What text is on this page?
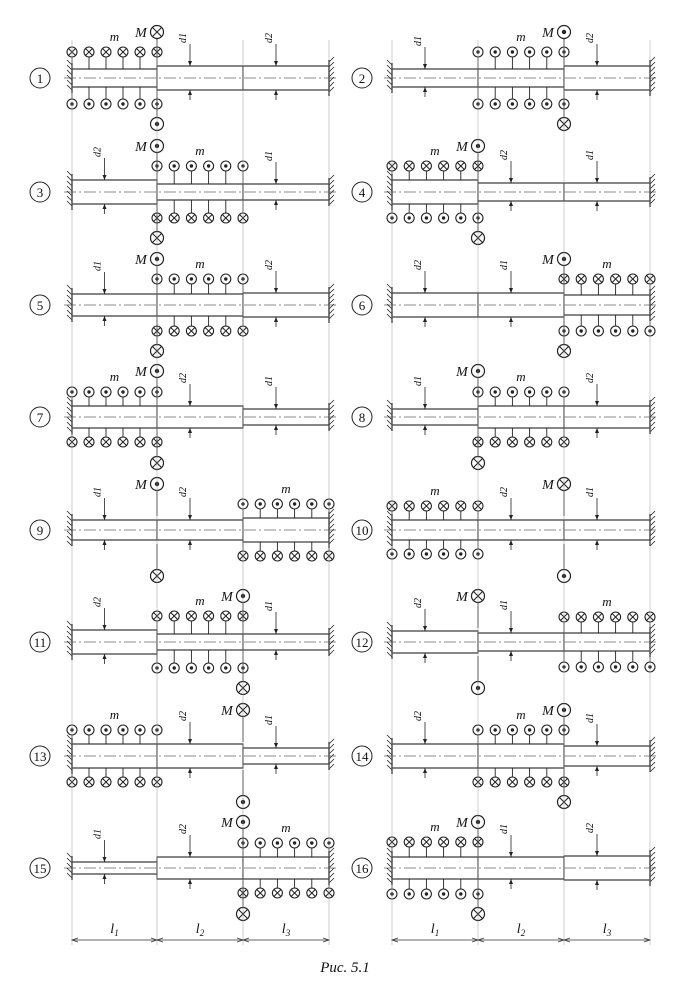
1
m M	d1	d2
2
m M
d1	d2
3
m
M
d2	d1
4
m M	d2	d1
5
m
M
d1	d2
6
m
M
d2	d1
7
m M	d2	d1
8
m
M
d1	d2
9
m
M
d1	d2
10
m	M
d2	d1
11
m M
d2	d1
12
m
M
d2	d1
13
m	M
d2	d1
14
m M
d2	d1
15
m
M
d1	d2
16
m M	d1	d2
$l_1$	$l_2$	$l_3$	$l_1$	$l_2$	$l_3$
Рис. 5.1
